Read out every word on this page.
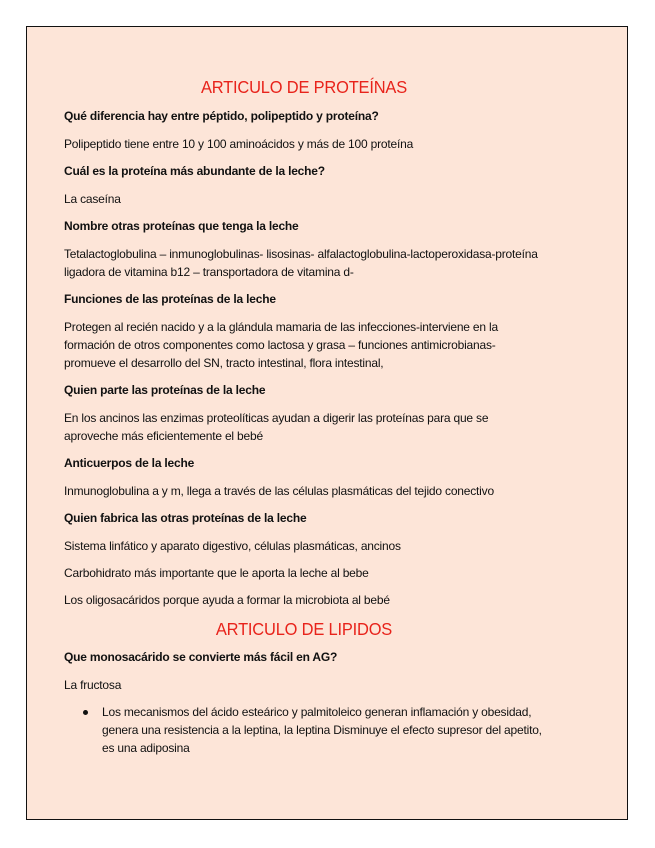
ARTICULO DE PROTEÍNAS

Qué diferencia hay entre péptido, polipeptido y proteína?

Polipeptido tiene entre 10 y 100 aminoácidos y más de 100 proteína

Cuál es la proteína más abundante de la leche?

La caseína

Nombre otras proteínas que tenga la leche

Tetalactoglobulina – inmunoglobulinas- lisosinas- alfalactoglobulina-lactoperoxidasa-proteína ligadora de vitamina b12 – transportadora de vitamina d-

Funciones de las proteínas de la leche

Protegen al recién nacido y a la glándula mamaria de las infecciones-interviene en la formación de otros componentes como lactosa y grasa – funciones antimicrobianas-promueve el desarrollo del SN, tracto intestinal, flora intestinal,

Quien parte las proteínas de la leche

En los ancinos las enzimas proteolíticas ayudan a digerir las proteínas para que se aproveche más eficientemente el bebé

Anticuerpos de la leche

Inmunoglobulina a y m, llega a través de las células plasmáticas del tejido conectivo

Quien fabrica las otras proteínas de la leche

Sistema linfático y aparato digestivo, células plasmáticas, ancinos

Carbohidrato más importante que le aporta la leche al bebe

Los oligosacáridos porque ayuda a formar la microbiota al bebé

ARTICULO DE LIPIDOS

Que monosacárido se convierte más fácil en AG?

La fructosa

Los mecanismos del ácido esteárico y palmitoleico generan inflamación y obesidad, genera una resistencia a la leptina, la leptina Disminuye el efecto supresor del apetito, es una adiposina
